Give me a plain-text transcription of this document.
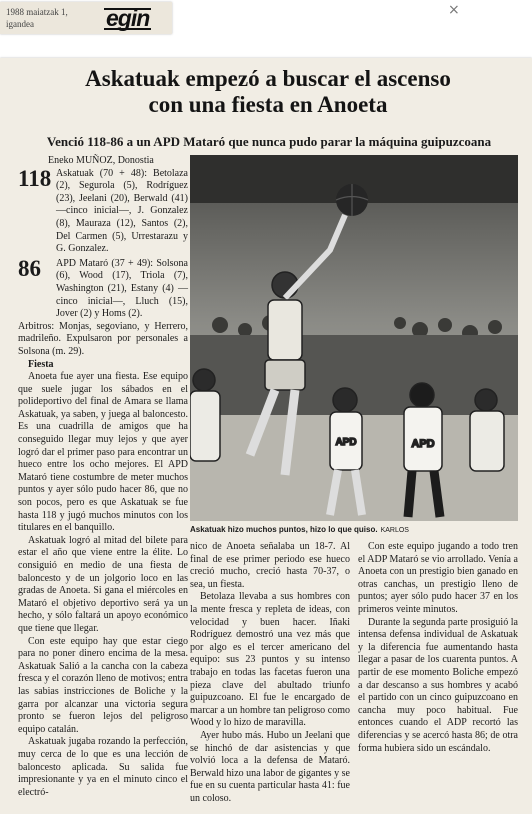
1988 maiatzak 1,
igandea	egin	×
Askatuak empezó a buscar el ascenso
con una fiesta en Anoeta
Venció 118-86 a un APD Mataró que nunca pudo parar la máquina guipuzcoana

Eneko MUÑOZ, Donostia

118 Askatuak (70 + 48): Betolaza (2), Segurola (5), Rodríguez (23), Jeelani (20), Berwald (41) —cinco inicial—, J. Gonzalez (8), Mauraza (12), Santos (2), Del Carmen (5), Urrestarazu y G. Gonzalez.
86	APD Mataró (37 + 49): Solsona (6), Wood (17), Triola (7), Washington (21), Estany (4) —cinco inicial—, Lluch (15), Jover (2) y Homs (2).

Arbitros: Monjas, segoviano, y Herrero, madrileño. Expulsaron por personales a Solsona (m. 29).

Fiesta

Anoeta fue ayer una fiesta. Ese equipo que suele jugar los sábados en el polideportivo del final de Amara se llama Askatuak, ya saben, y juega al baloncesto. Es una cuadrilla de amigos que ha conseguido llegar muy lejos y que ayer logró dar el primer paso para encontrar un hueco entre los ocho mejores. El APD Mataró tiene costumbre de meter muchos puntos y ayer sólo pudo hacer 86, que no son pocos, pero es que Askatuak se fue hasta 118 y jugó muchos minutos con los titulares en el banquillo.

Askatuak logró al mitad del bilete para estar el año que viene entre la élite. Lo consiguió en medio de una fiesta de baloncesto y de un jolgorio loco en las gradas de Anoeta. Si gana el miércoles en Mataró el objetivo deportivo será ya un hecho, y sólo faltará un apoyo económico que tiene que llegar.

Con este equipo hay que estar ciego para no poner dinero encima de la mesa. Askatuak Salió a la cancha con la cabeza fresca y el corazón lleno de motivos; entra las sabias instricciones de Boliche y la garra por alcanzar una victoria segura pronto se fueron lejos del peligroso equipo catalán.

Askatuak jugaba rozando la perfección, muy cerca de lo que es una lección de baloncesto aplicada. Su salida fue impresionante y ya en el minuto cinco el electró-

APD	APD
Askatuak hizo muchos puntos, hizo lo que quiso. KARLOS

nico de Anoeta señalaba un 18-7. Al final de ese primer periodo ese hueco creció mucho, creció hasta 70-37, o sea, un fiesta.

Betolaza llevaba a sus hombres con la mente fresca y repleta de ideas, con velocidad y buen hacer. Iñaki Rodríguez demostró una vez más que por algo es el tercer americano del equipo: sus 23 puntos y su intenso trabajo en todas las facetas fueron una pieza clave del abultado triunfo guipuzcoano. El fue le encargado de marcar a un hombre tan peligroso como Wood y lo hizo de maravilla.

Ayer hubo más. Hubo un Jeelani que se hinchó de dar asistencias y que volvió loca a la defensa de Mataró. Berwald hizo una labor de gigantes y se fue en su cuenta particular hasta 41: fue un coloso.

Con este equipo jugando a todo tren el ADP Mataró se vio arrollado. Venía a Anoeta con un prestigio bien ganado en otras canchas, un prestigio lleno de puntos; ayer sólo pudo hacer 37 en los primeros veinte minutos.

Durante la segunda parte prosiguió la intensa defensa individual de Askatuak y la diferencia fue aumentando hasta llegar a pasar de los cuarenta puntos. A partir de ese momento Boliche empezó a dar descanso a sus hombres y acabó el partido con un cinco guipuzcoano en cancha muy poco habitual. Fue entonces cuando el ADP recortó las diferencias y se acercó hasta 86; de otra forma hubiera sido un escándalo.
